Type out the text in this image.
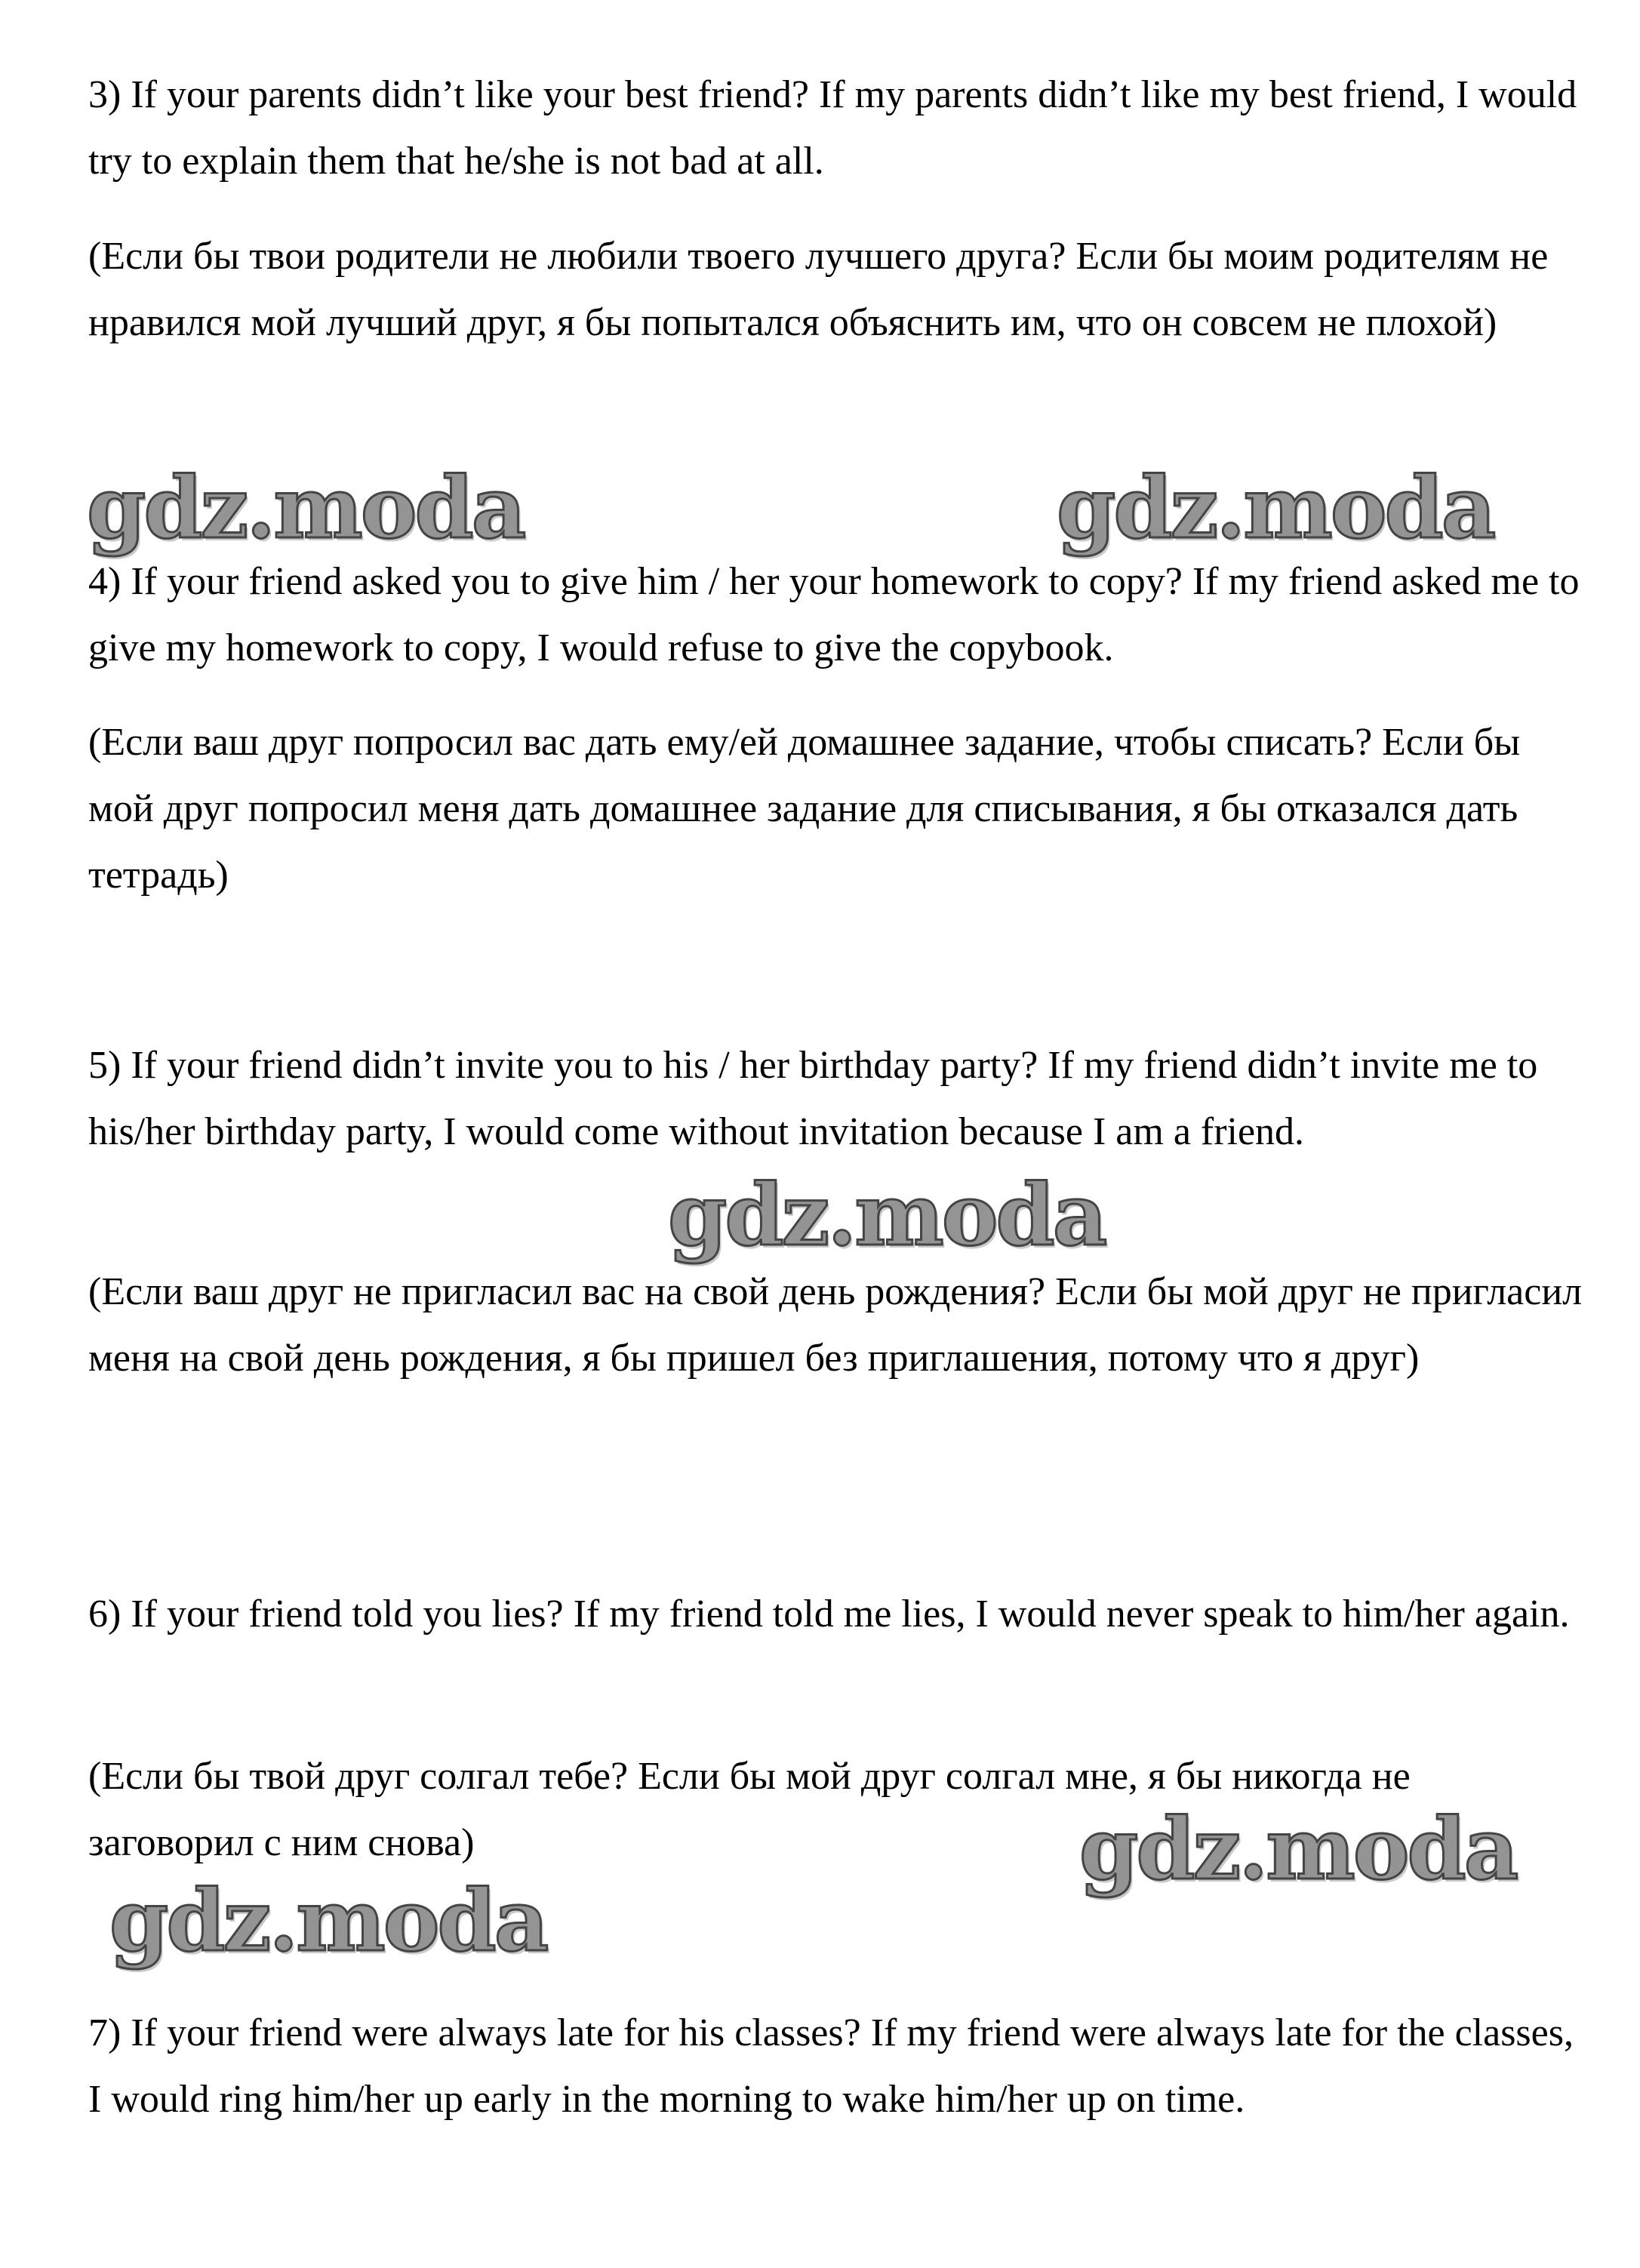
3) If your parents didn’t like your best friend? If my parents didn’t like my best friend, I would try to explain them that he/she is not bad at all.

(Если бы твои родители не любили твоего лучшего друга? Если бы моим родителям не нравился мой лучший друг, я бы попытался объяснить им, что он совсем не плохой)

gdz.moda	gdz.moda

4) If your friend asked you to give him / her your homework to copy? If my friend asked me to give my homework to copy, I would refuse to give the copybook.

(Если ваш друг попросил вас дать ему/ей домашнее задание, чтобы списать? Если бы мой друг попросил меня дать домашнее задание для списывания, я бы отказался дать тетрадь)

5) If your friend didn’t invite you to his / her birthday party? If my friend didn’t invite me to his/her birthday party, I would come without invitation because I am a friend.

gdz.moda

(Если ваш друг не пригласил вас на свой день рождения? Если бы мой друг не пригласил меня на свой день рождения, я бы пришел без приглашения, потому что я друг)

6) If your friend told you lies? If my friend told me lies, I would never speak to him/her again.

(Если бы твой друг солгал тебе? Если бы мой друг солгал мне, я бы никогда не заговорил с ним снова)	gdz.moda
gdz.moda

7) If your friend were always late for his classes? If my friend were always late for the classes, I would ring him/her up early in the morning to wake him/her up on time.
